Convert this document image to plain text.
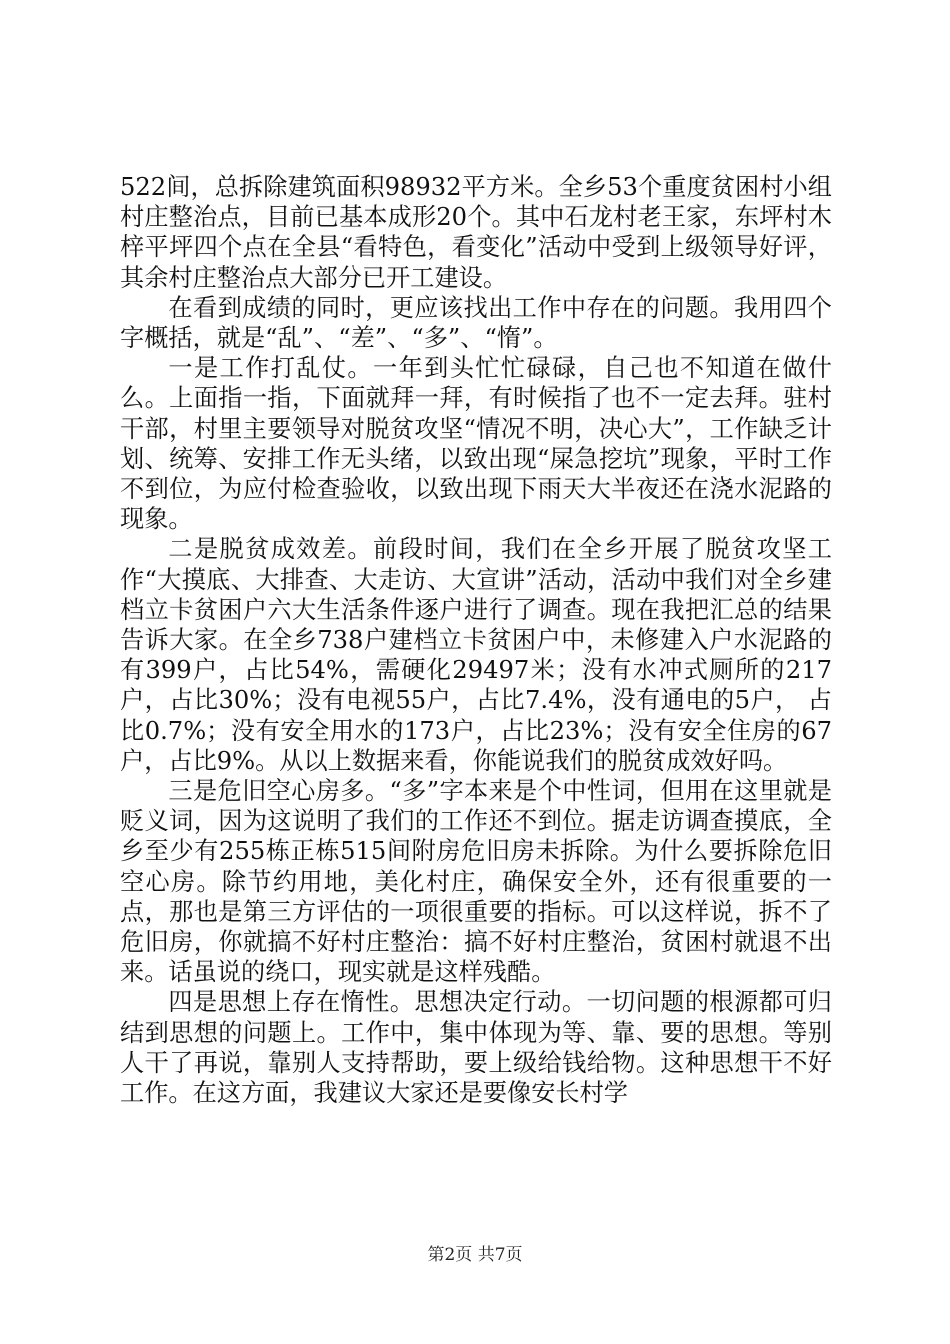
522间，总拆除建筑面积98932平方米。全乡53个重度贫困村小组村庄整治点，目前已基本成形20个。其中石龙村老王家，东坪村木梓平坪四个点在全县“看特色，看变化”活动中受到上级领导好评，其余村庄整治点大部分已开工建设。

在看到成绩的同时，更应该找出工作中存在的问题。我用四个字概括，就是“乱”、“差”、“多”、“惰”。

一是工作打乱仗。一年到头忙忙碌碌，自己也不知道在做什么。上面指一指，下面就拜一拜，有时候指了也不一定去拜。驻村干部，村里主要领导对脱贫攻坚“情况不明，决心大”，工作缺乏计划、统筹、安排工作无头绪，以致出现“屎急挖坑”现象，平时工作不到位，为应付检查验收，以致出现下雨天大半夜还在浇水泥路的现象。

二是脱贫成效差。前段时间，我们在全乡开展了脱贫攻坚工作“大摸底、大排查、大走访、大宣讲”活动，活动中我们对全乡建档立卡贫困户六大生活条件逐户进行了调查。现在我把汇总的结果告诉大家。在全乡738户建档立卡贫困户中，未修建入户水泥路的有399户，占比54%，需硬化29497米；没有水冲式厕所的217户，占比30%；没有电视55户，占比7.4%，没有通电的5户， 占比0.7%；没有安全用水的173户，占比23%；没有安全住房的67户，占比9%。从以上数据来看，你能说我们的脱贫成效好吗。

三是危旧空心房多。“多”字本来是个中性词，但用在这里就是贬义词，因为这说明了我们的工作还不到位。据走访调查摸底，全乡至少有255栋正栋515间附房危旧房未拆除。为什么要拆除危旧空心房。除节约用地，美化村庄，确保安全外，还有很重要的一点，那也是第三方评估的一项很重要的指标。可以这样说，拆不了危旧房，你就搞不好村庄整治：搞不好村庄整治，贫困村就退不出来。话虽说的绕口，现实就是这样残酷。

四是思想上存在惰性。思想决定行动。一切问题的根源都可归结到思想的问题上。工作中，集中体现为等、靠、要的思想。等别人干了再说，靠别人支持帮助，要上级给钱给物。这种思想干不好工作。在这方面，我建议大家还是要像安长村学

第2页 共7页
